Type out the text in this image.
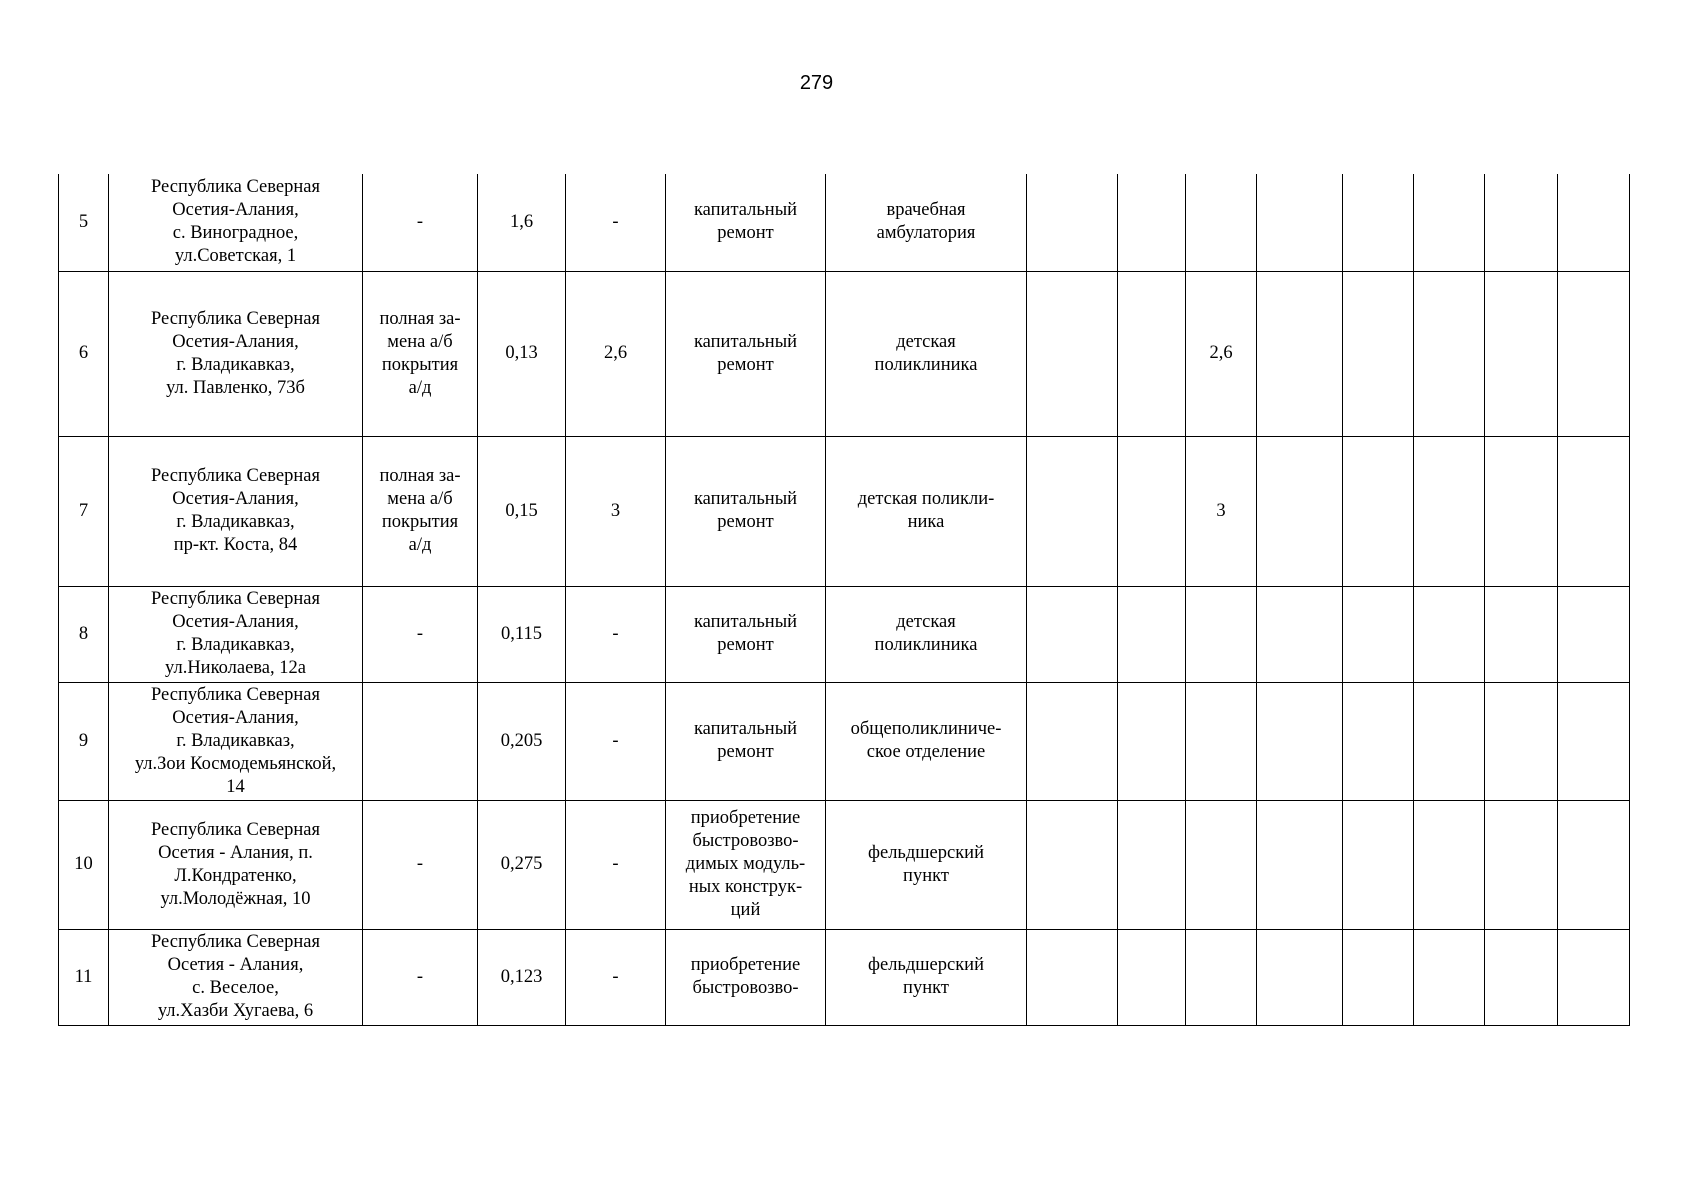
279
5	Республика Северная
Осетия-Алания,
с. Виноградное,
ул.Советская, 1	-	1,6	-	капитальный
ремонт	врачебная
амбулатория								
6	Республика Северная
Осетия-Алания,
г. Владикавказ,
ул. Павленко, 73б	полная за-
мена а/б
покрытия
а/д	0,13	2,6	капитальный
ремонт	детская
поликлиника			2,6					
7	Республика Северная
Осетия-Алания,
г. Владикавказ,
пр-кт. Коста, 84	полная за-
мена а/б
покрытия
а/д	0,15	3	капитальный
ремонт	детская поликли-
ника			3					
8	Республика Северная
Осетия-Алания,
г. Владикавказ,
ул.Николаева, 12а	-	0,115	-	капитальный
ремонт	детская
поликлиника								
9	Республика Северная
Осетия-Алания,
г. Владикавказ,
ул.Зои Космодемьянской,
14		0,205	-	капитальный
ремонт	общеполиклиниче-
ское отделение								
10	Республика Северная
Осетия - Алания, п.
Л.Кондратенко,
ул.Молодёжная, 10	-	0,275	-	приобретение
быстровозво-
димых модуль-
ных конструк-
ций	фельдшерский
пункт								
11	Республика Северная
Осетия - Алания,
с. Веселое,
ул.Хазби Хугаева, 6	-	0,123	-	приобретение
быстровозво-	фельдшерский
пункт								
